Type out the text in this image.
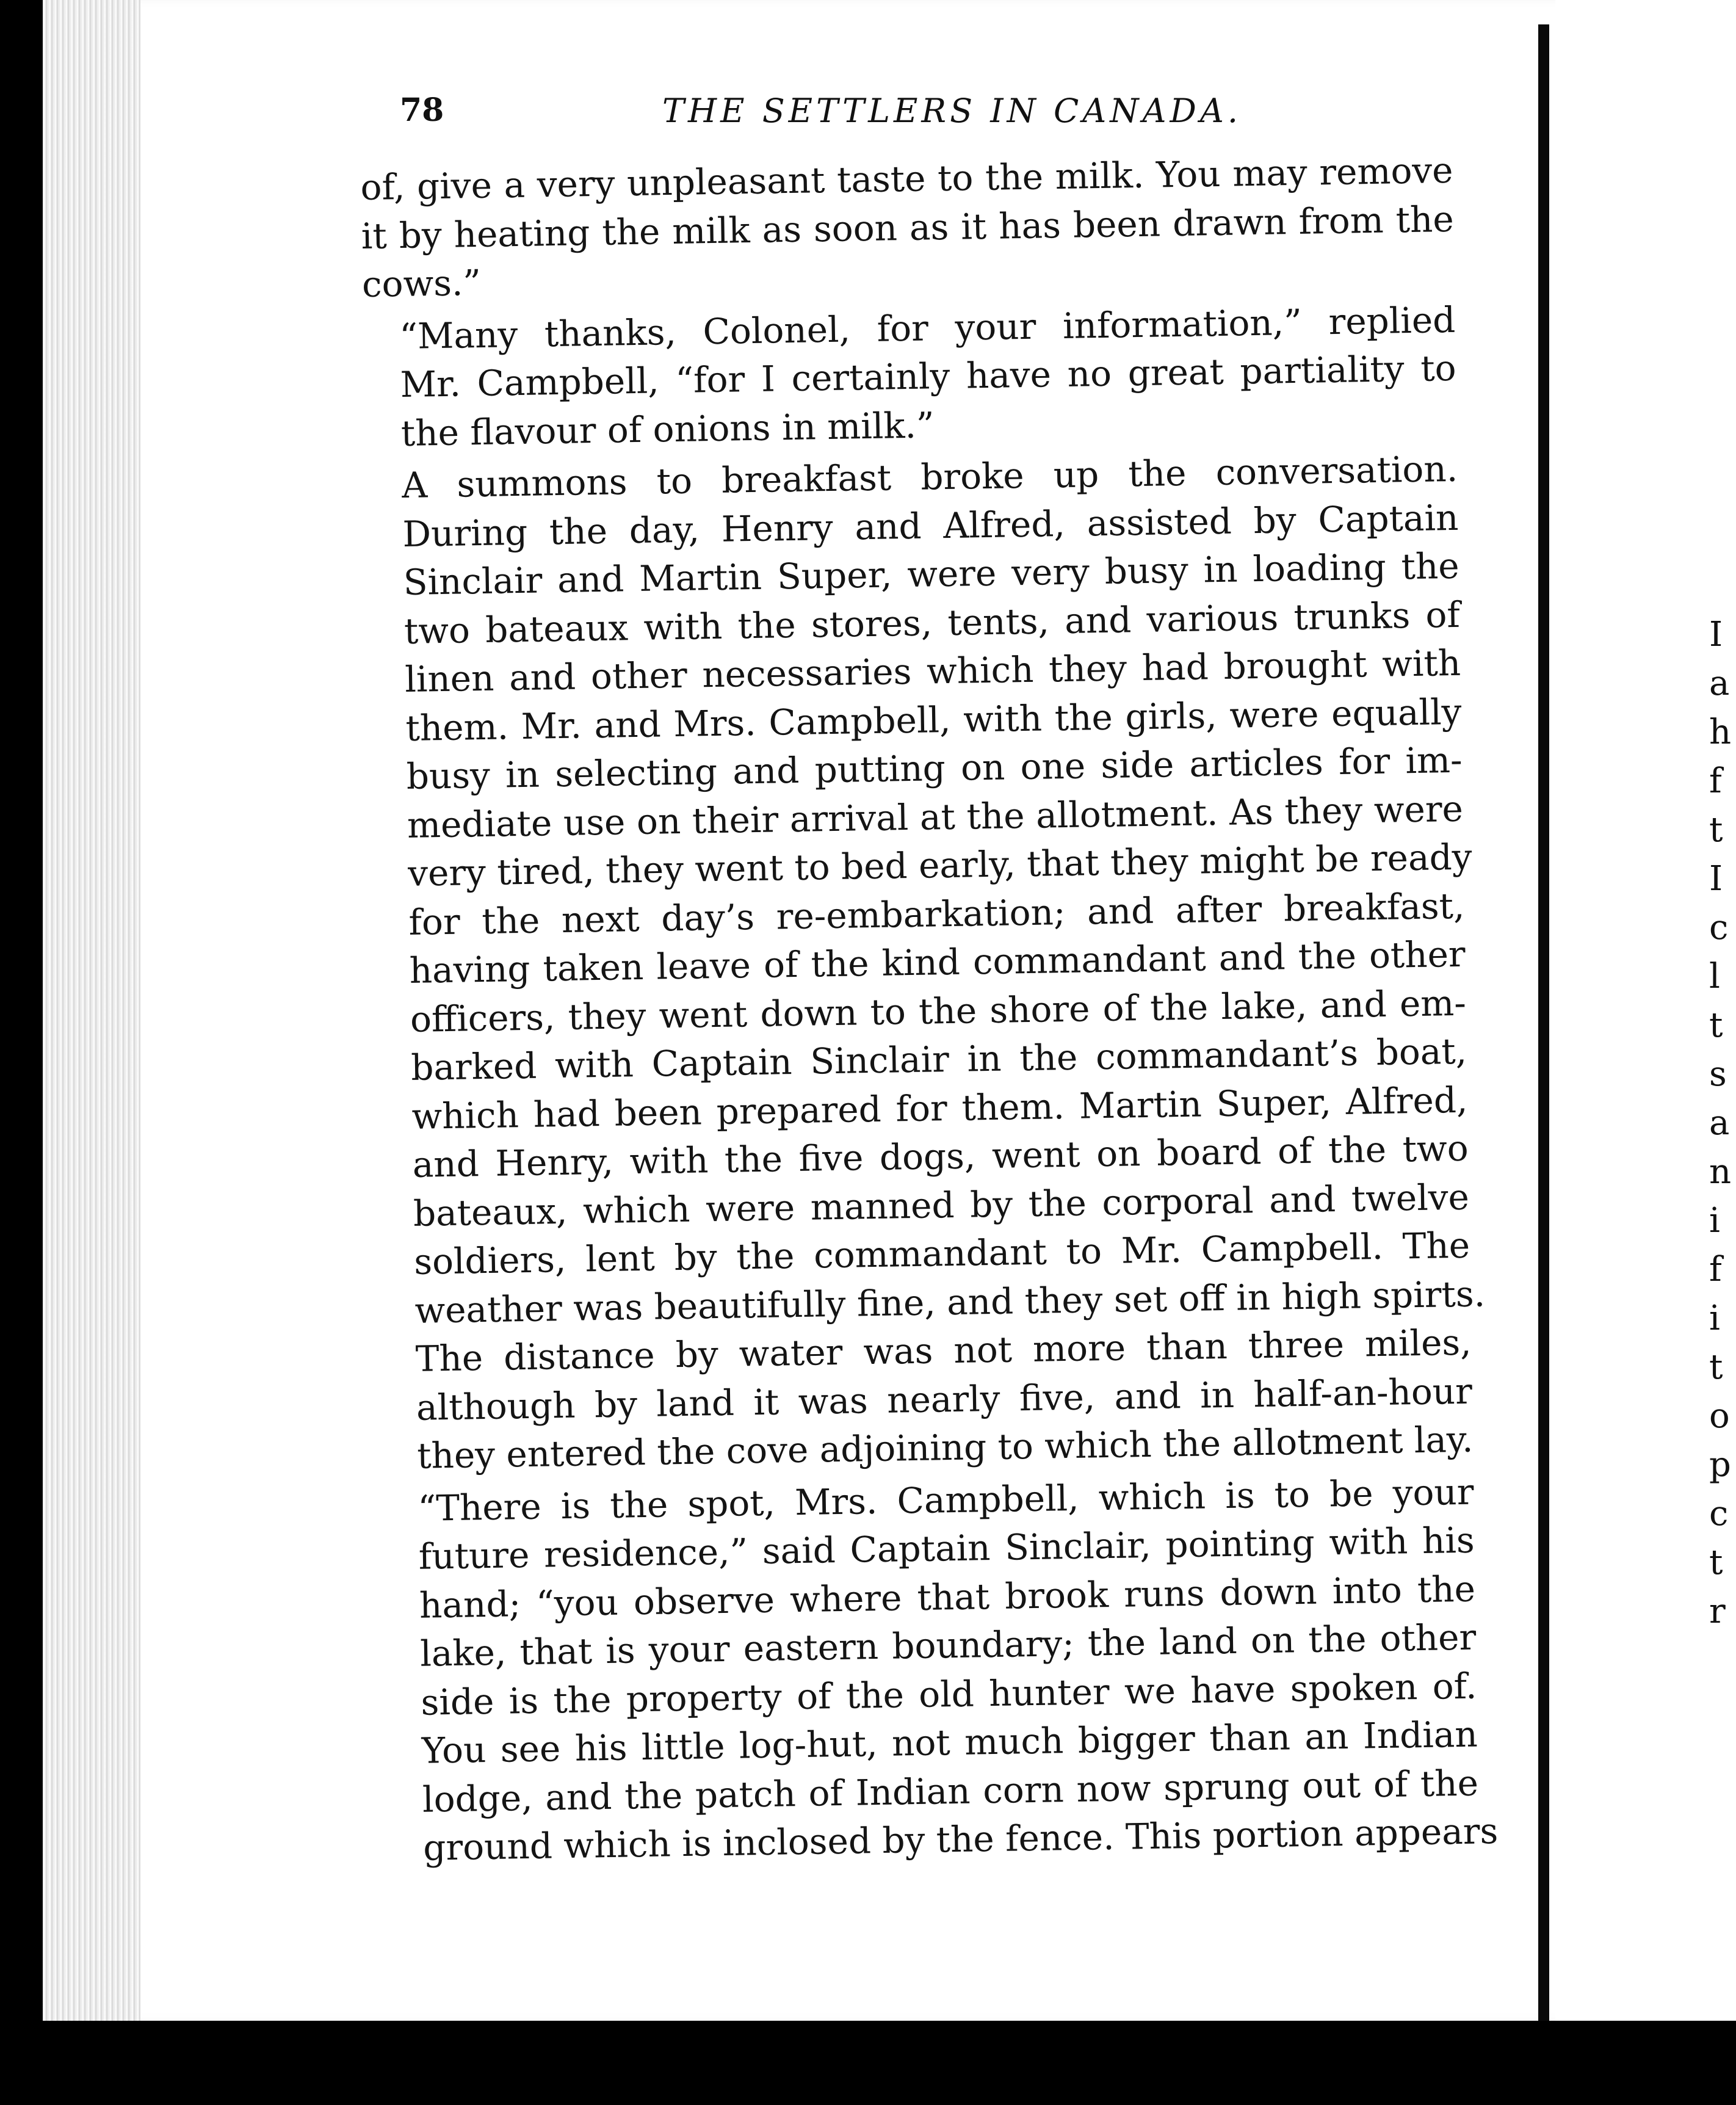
78	THE SETTLERS IN CANADA.

of, give a very unpleasant taste to the milk. You may remove
it by heating the milk as soon as it has been drawn from the
cows.”

“Many thanks, Colonel, for your information,” replied
Mr. Campbell, “for I certainly have no great partiality to
the flavour of onions in milk.”

A summons to breakfast broke up the conversation.
During the day, Henry and Alfred, assisted by Captain
Sinclair and Martin Super, were very busy in loading the
two bateaux with the stores, tents, and various trunks of
linen and other necessaries which they had brought with
them. Mr. and Mrs. Campbell, with the girls, were equally
busy in selecting and putting on one side articles for im-
mediate use on their arrival at the allotment. As they were
very tired, they went to bed early, that they might be ready
for the next day’s re-embarkation; and after breakfast,
having taken leave of the kind commandant and the other
officers, they went down to the shore of the lake, and em-
barked with Captain Sinclair in the commandant’s boat,
which had been prepared for them. Martin Super, Alfred,
and Henry, with the five dogs, went on board of the two
bateaux, which were manned by the corporal and twelve
soldiers, lent by the commandant to Mr. Campbell. The
weather was beautifully fine, and they set off in high spirts.
The distance by water was not more than three miles,
although by land it was nearly five, and in half-an-hour
they entered the cove adjoining to which the allotment lay.

“There is the spot, Mrs. Campbell, which is to be your
future residence,” said Captain Sinclair, pointing with his
hand; “you observe where that brook runs down into the
lake, that is your eastern boundary; the land on the other
side is the property of the old hunter we have spoken of.
You see his little log-hut, not much bigger than an Indian
lodge, and the patch of Indian corn now sprung out of the
ground which is inclosed by the fence. This portion appears

I
a
h
f
t
I
c
l
t
s
a
n
i
f
i
t
o
p
c
t
r
